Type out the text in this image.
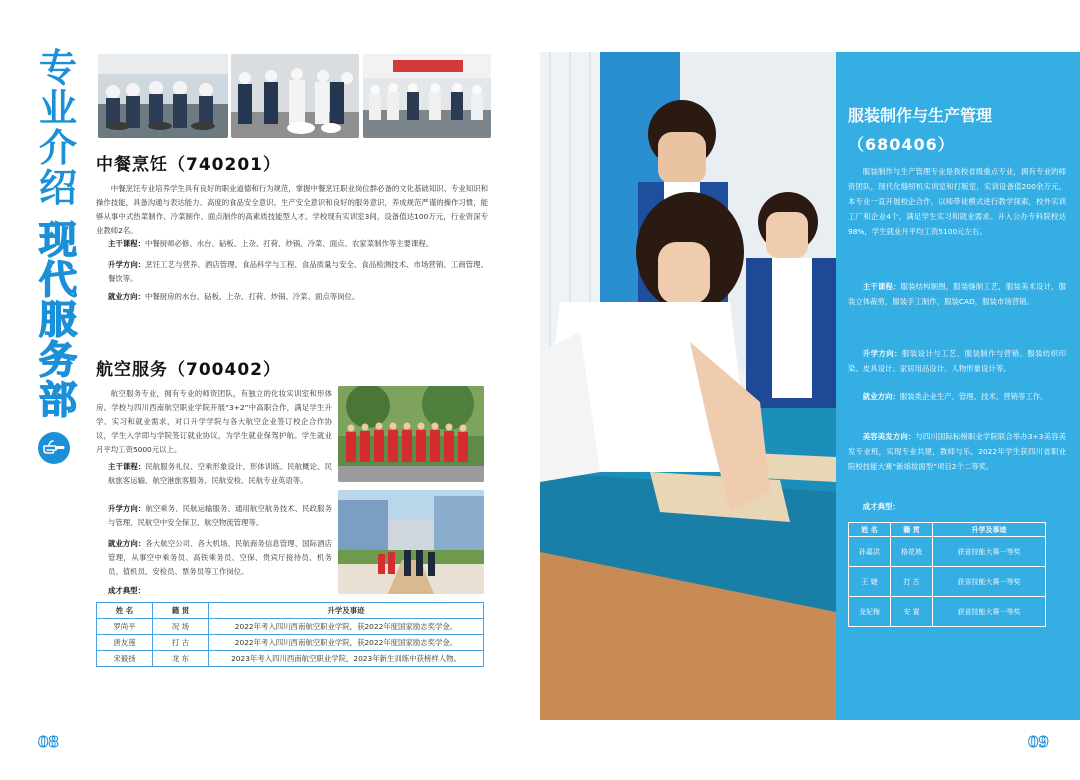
专
业
介
绍
现
代
服
务
部
中餐烹饪（740201）
中餐烹饪专业培养学生具有良好的职业道德和行为规范，掌握中餐烹饪职业岗位群必备的文化基础知识、专业知识和操作技能，具备沟通与表达能力、高度的食品安全意识、生产安全意识和良好的服务意识，养成规范严谨的操作习惯，能够从事中式热菜制作、冷菜制作、面点制作的高素质技能型人才。学校现有实训室3间，设备值达100万元，行业资深专业教师2名。
主干课程：中餐厨师必修、水台、砧板、上杂、打荷、炒锅、冷菜、面点、农家菜制作等主要课程。
升学方向：烹饪工艺与营养、酒店管理、食品科学与工程、食品质量与安全、食品检测技术、市场营销、工商管理、餐饮等。
就业方向：中餐厨房的水台、砧板、上杂、打荷、炒锅、冷菜、面点等岗位。
航空服务（700402）
航空服务专业，拥有专业的师资团队，有独立的化妆实训室和形体房。学校与四川西南航空职业学院开展“3+2”中高职合作，满足学生升学、实习和就业需求，对口升学学院与各大航空企业签订校企合作协议，学生入学即与学院签订就业协议，为学生就业保驾护航。学生就业月平均工资5000元以上。
主干课程：民航服务礼仪、空乘形象设计、形体训练、民航概论、民航旅客运输、航空港旅客服务、民航安检、民航专业英语等。
升学方向：航空乘务、民航运输服务、通用航空航务技术、民政服务与管理、民航空中安全保卫、航空物流管理等。
就业方向：各大航空公司、各大机场、民航商务信息管理、国际酒店管理，从事空中乘务员、高铁乘务员、空保、贵宾厅接待员、机务员、值机员、安检员、票务员等工作岗位。
成才典型：
姓 名	籍 贯	升学及事迹
罗尚平	况 场	2022年考入四川西南航空职业学院，获2022年度国家励志奖学金。
唐友莲	打 古	2022年考入四川西南航空职业学院，获2022年度国家励志奖学金。
宋毅扬	龙 东	2023年考入四川西南航空职业学院，2023年新生训练中获榜样人物。
08
服装制作与生产管理
（680406）
服装制作与生产管理专业是我校省级重点专业，拥有专业的师资团队，现代化缝纫机实训室和打版室，实训设备值200余万元。本专业一直开展校企合作，以师带徒模式进行教学探索，校外实训工厂和企业4个，满足学生实习和就业需求。升入公办专科院校达98%，学生就业月平均工资5100元左右。
主干课程：服装结构制图，服装缝制工艺，服装美术设计，服装立体裁剪，服装手工制作，服装CAD，服装市场营销。
升学方向：服装设计与工艺、服装制作与营销、服装纺织印染、皮具设计、家居用品设计、人物形象设计等。
就业方向：服装类企业生产、管理、技术、营销等工作。
美容美发方向：与四川国际标榜职业学院联合举办3+3美容美发专业班，实现专业共建，教师与乐，2022年学生获四川省职业院校技能大赛“新娘妆面型”项目2个二等奖。
成才典型：
姓 名	籍 贯	升学及事迹
孙嘉洪	格花坡	获省技能大赛一等奖
王 婕	打 古	获省技能大赛一等奖
龙妃梅	安 置	获省技能大赛一等奖
09
